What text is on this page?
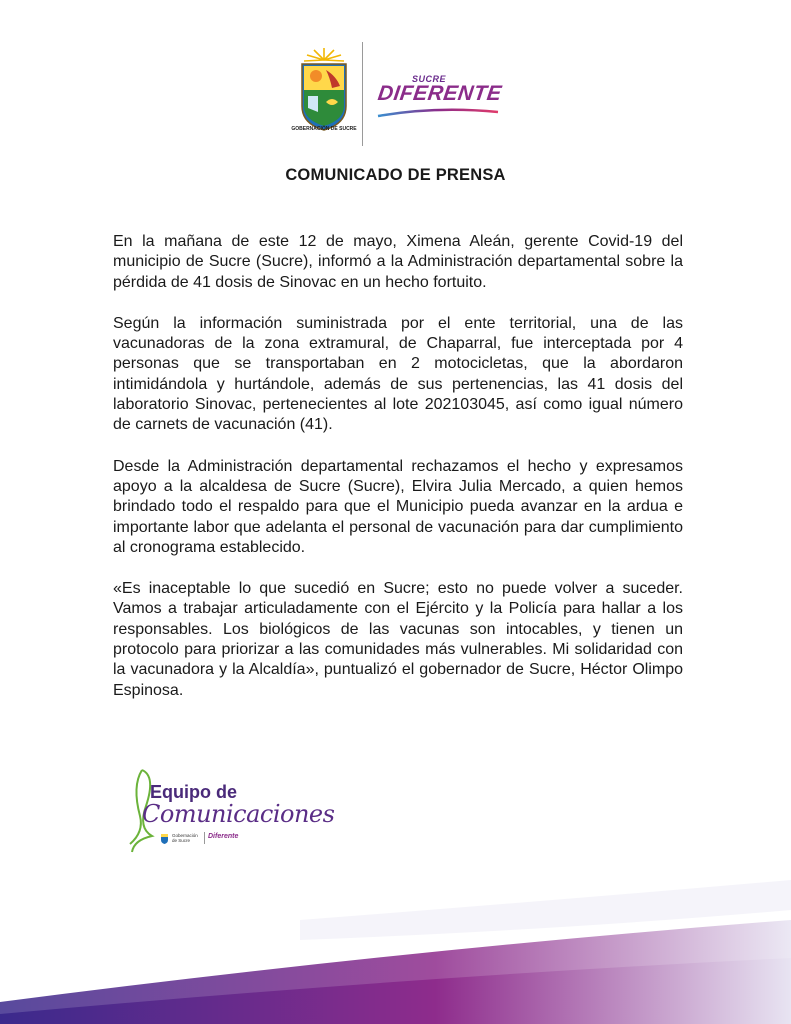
GOBERNACIÓN DE SUCRE
SUCRE
DIFERENTE
COMUNICADO DE PRENSA

En la mañana de este 12 de mayo, Ximena Aleán, gerente Covid-19 del municipio de Sucre (Sucre), informó a la Administración departamental sobre la pérdida de 41 dosis de Sinovac en un hecho fortuito.

Según la información suministrada por el ente territorial, una de las vacunadoras de la zona extramural, de Chaparral, fue interceptada por 4 personas que se transportaban en 2 motocicletas, que la abordaron intimidándola y hurtándole, además de sus pertenencias, las 41 dosis del laboratorio Sinovac, pertenecientes al lote 202103045, así como igual número de carnets de vacunación (41).

Desde la Administración departamental rechazamos el hecho y expresamos apoyo a la alcaldesa de Sucre (Sucre), Elvira Julia Mercado, a quien hemos brindado todo el respaldo para que el Municipio pueda avanzar en la ardua e importante labor que adelanta el personal de vacunación para dar cumplimiento al cronograma establecido.

«Es inaceptable lo que sucedió en Sucre; esto no puede volver a suceder. Vamos a trabajar articuladamente con el Ejército y la Policía para hallar a los responsables. Los biológicos de las vacunas son intocables, y tienen un protocolo para priorizar a las comunidades más vulnerables. Mi solidaridad con la vacunadora y la Alcaldía», puntualizó el gobernador de Sucre, Héctor Olimpo Espinosa.

Equipo de
Comunicaciones
Gobernación de Sucre
Diferente
